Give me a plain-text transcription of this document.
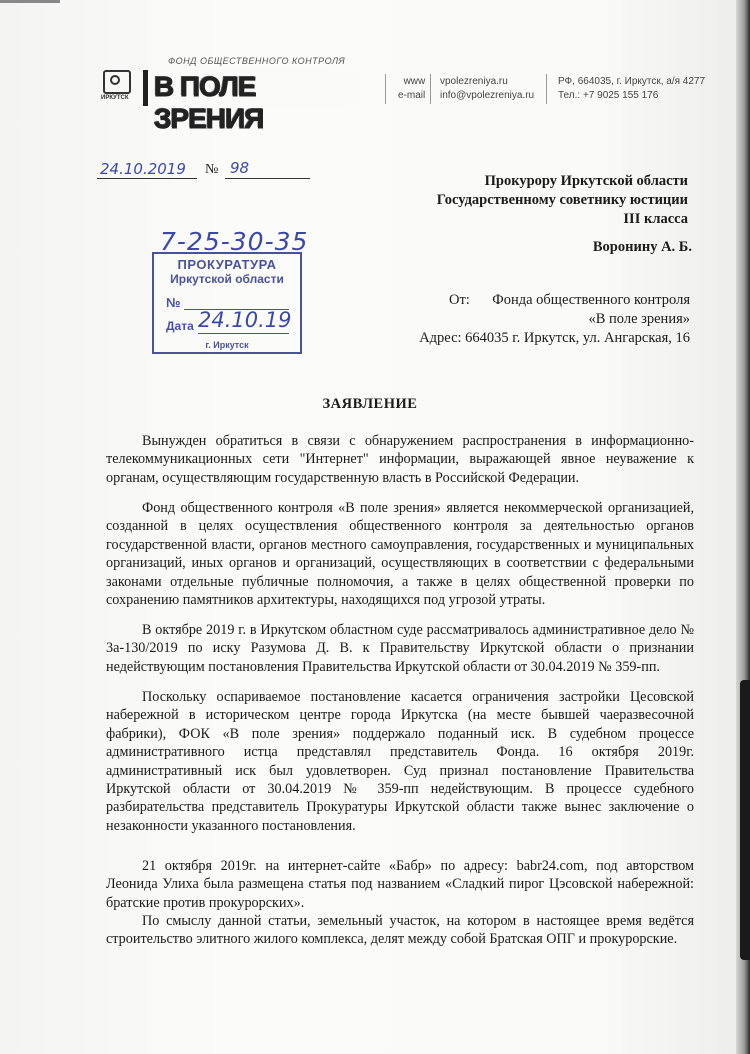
ФОНД ОБЩЕСТВЕННОГО КОНТРОЛЯ
ИРКУТСК В ПОЛЕ ЗРЕНИЯ
www
e-mail
vpolezreniya.ru
info@vpolezreniya.ru
РФ, 664035, г. Иркутск, а/я 4277
Тел.: +7 9025 155 176
24.10.2019 № 98
Прокурору Иркутской области
Государственному советнику юстиции
III класса
Воронину А. Б.
От:	Фонда общественного контроля
«В поле зрения»
Адрес: 664035 г. Иркутск, ул. Ангарская, 16
7-25-30-35
ПРОКУРАТУРА
Иркутской области
№
Дата
г. Иркутск
24.10.19
ЗАЯВЛЕНИЕ
Вынужден обратиться в связи с обнаружением распространения в информационно-телекоммуникационных сети "Интернет" информации, выражающей явное неуважение к органам, осуществляющим государственную власть в Российской Федерации.
Фонд общественного контроля «В поле зрения» является некоммерческой организацией, созданной в целях осуществления общественного контроля за деятельностью органов государственной власти, органов местного самоуправления, государственных и муниципальных организаций, иных органов и организаций, осуществляющих в соответствии с федеральными законами отдельные публичные полномочия, а также в целях общественной проверки по сохранению памятников архитектуры, находящихся под угрозой утраты.
В октябре 2019 г. в Иркутском областном суде рассматривалось административное дело № 3а-130/2019 по иску Разумова Д. В. к Правительству Иркутской области о признании недействующим постановления Правительства Иркутской области от 30.04.2019 № 359-пп.
Поскольку оспариваемое постановление касается ограничения застройки Цесовской набережной в историческом центре города Иркутска (на месте бывшей чаеразвесочной фабрики), ФОК «В поле зрения» поддержало поданный иск. В судебном процессе административного истца представлял представитель Фонда. 16 октября 2019г. административный иск был удовлетворен. Суд признал постановление Правительства Иркутской области от 30.04.2019 № 359-пп недействующим. В процессе судебного разбирательства представитель Прокуратуры Иркутской области также вынес заключение о незаконности указанного постановления.
21 октября 2019г. на интернет-сайте «Бабр» по адресу: babr24.com, под авторством Леонида Улиха была размещена статья под названием «Сладкий пирог Цэсовской набережной: братские против прокурорских».
По смыслу данной статьи, земельный участок, на котором в настоящее время ведётся строительство элитного жилого комплекса, делят между собой Братская ОПГ и прокурорские.
